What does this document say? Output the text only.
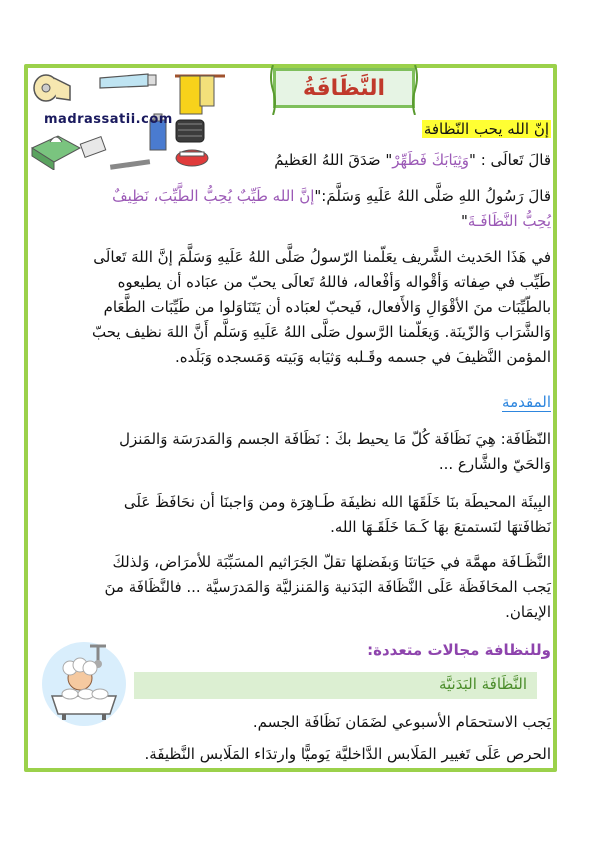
madrassatii.com
النَّظَافَةُ
إنّ الله يحب النّظافة
قالَ تَعالَى : "وَثِيَابَكَ فَطَهِّرْ" صَدَقَ اللهُ العَظيمُ
قالَ رَسُولُ اللهِ صَلَّى اللهُ عَلَيهِ وَسَلَّمَ:"إنَّ الله طَيِّبٌ يُحِبُّ الطَّيِّبَ، نَظِيفٌ
يُحِبُّ النَّظَافَـةَ"
في هَذَا الحَديث الشَّريف يعَلّمنا الرّسولُ صَلَّى اللهُ عَلَيهِ وَسَلَّمَ إنَّ اللهَ تَعالَى
طَيِّب في صِفاته وَأقْواله وَأفْعاله، فاللهُ تَعالَى يحبّ من عبَاده أن يطيعوه
بالطّيِّبَات منَ الأقْوَالِ وَالأَفعال، فَيحبّ لعبَاده أن يَتَنَاوَلوا من طَيِّبَات الطَّعَام
وَالشَّرَاب وَالزّينَة. وَيعَلّمنا الرَّسول صَلَّى اللهُ عَلَيهِ وَسَلَّم أَنَّ اللهَ نظيف يحبّ
المؤمن النَّظيفَ في جسمه وقَـلبه وَثيَابه وَبَيته وَمَسجده وَبَلَده.
المقدمة
النّظَافَة: هِيَ نَظَافَة كُلّ مَا يحيط بكَ : نَظَافَة الجسم وَالمَدرَسَة وَالمَنزل
وَالحَيّ والشَّارع ...
البِيئَة المحيطَة بنَا خَلَقَهَا الله نظيفَة طَـاهِرَة ومن وَاجبنَا أن نحَافَظَ عَلَى
نَظافَتهَا لنَستمتعَ بهَا كَـمَا خَلَقَـهَا الله.
النَّظَـافَة مهمَّة في حَيَاتنَا وَبفَضلهَا تقلّ الجَرَاثيم المسَبِّبَة للأمرَاض، وَلذلكَ
يَجب المحَافَظَة عَلَى النَّظَافَة البَدَنية وَالمَنزليَّة وَالمَدرَسيَّة ... فالنَّظَافَة منَ
الإيمَان.
وللنظافة مجالات متعددة:
النَّظَافَة البَدَنيَّة
يَجب الاستحمَام الأسبوعي لضَمَان نَظَافَة الجسم.
الحرص عَلَى تَغيير المَلَابس الدَّاخليَّة يَوميًّا وارتدَاء المَلَابس النَّظيفَة.
